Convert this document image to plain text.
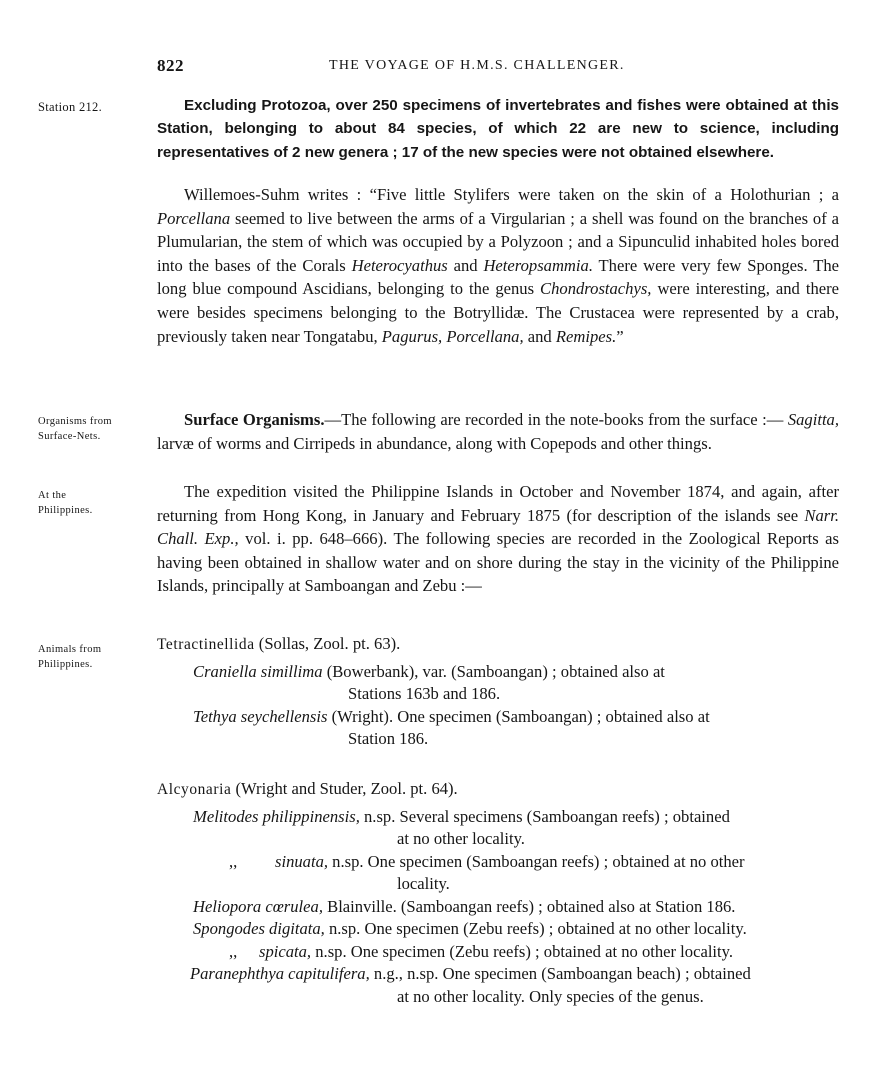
822	THE VOYAGE OF H.M.S. CHALLENGER.
Station 212.	Excluding Protozoa, over 250 specimens of invertebrates and fishes were obtained at this Station, belonging to about 84 species, of which 22 are new to science, including representatives of 2 new genera ; 17 of the new species were not obtained elsewhere.

Willemoes-Suhm writes : “Five little Stylifers were taken on the skin of a Holothurian ; a Porcellana seemed to live between the arms of a Virgularian ; a shell was found on the branches of a Plumularian, the stem of which was occupied by a Polyzoon ; and a Sipunculid inhabited holes bored into the bases of the Corals Heterocyathus and Heteropsammia. There were very few Sponges. The long blue compound Ascidians, belonging to the genus Chondrostachys, were interesting, and there were besides specimens belonging to the Botryllidæ. The Crustacea were represented by a crab, previously taken near Tongatabu, Pagurus, Porcellana, and Remipes.”

Organisms from
Surface-Nets.

Surface Organisms.—The following are recorded in the note-books from the surface :— Sagitta, larvæ of worms and Cirripeds in abundance, along with Copepods and other things.

At the
Philippines.

The expedition visited the Philippine Islands in October and November 1874, and again, after returning from Hong Kong, in January and February 1875 (for description of the islands see Narr. Chall. Exp., vol. i. pp. 648–666). The following species are recorded in the Zoological Reports as having been obtained in shallow water and on shore during the stay in the vicinity of the Philippine Islands, principally at Samboangan and Zebu :—

Animals from
Philippines.

Tetractinellida (Sollas, Zool. pt. 63).

Craniella simillima (Bowerbank), var. (Samboangan) ; obtained also at
Stations 163b and 186.

Tethya seychellensis (Wright). One specimen (Samboangan) ; obtained also at
Station 186.

Alcyonaria (Wright and Studer, Zool. pt. 64).

Melitodes philippinensis, n.sp. Several specimens (Samboangan reefs) ; obtained
at no other locality.

,, sinuata, n.sp. One specimen (Samboangan reefs) ; obtained at no other
locality.

Heliopora cœrulea, Blainville. (Samboangan reefs) ; obtained also at Station 186.

Spongodes digitata, n.sp. One specimen (Zebu reefs) ; obtained at no other locality.

,, spicata, n.sp. One specimen (Zebu reefs) ; obtained at no other locality.

Paranephthya capitulifera, n.g., n.sp. One specimen (Samboangan beach) ; obtained
at no other locality. Only species of the genus.
